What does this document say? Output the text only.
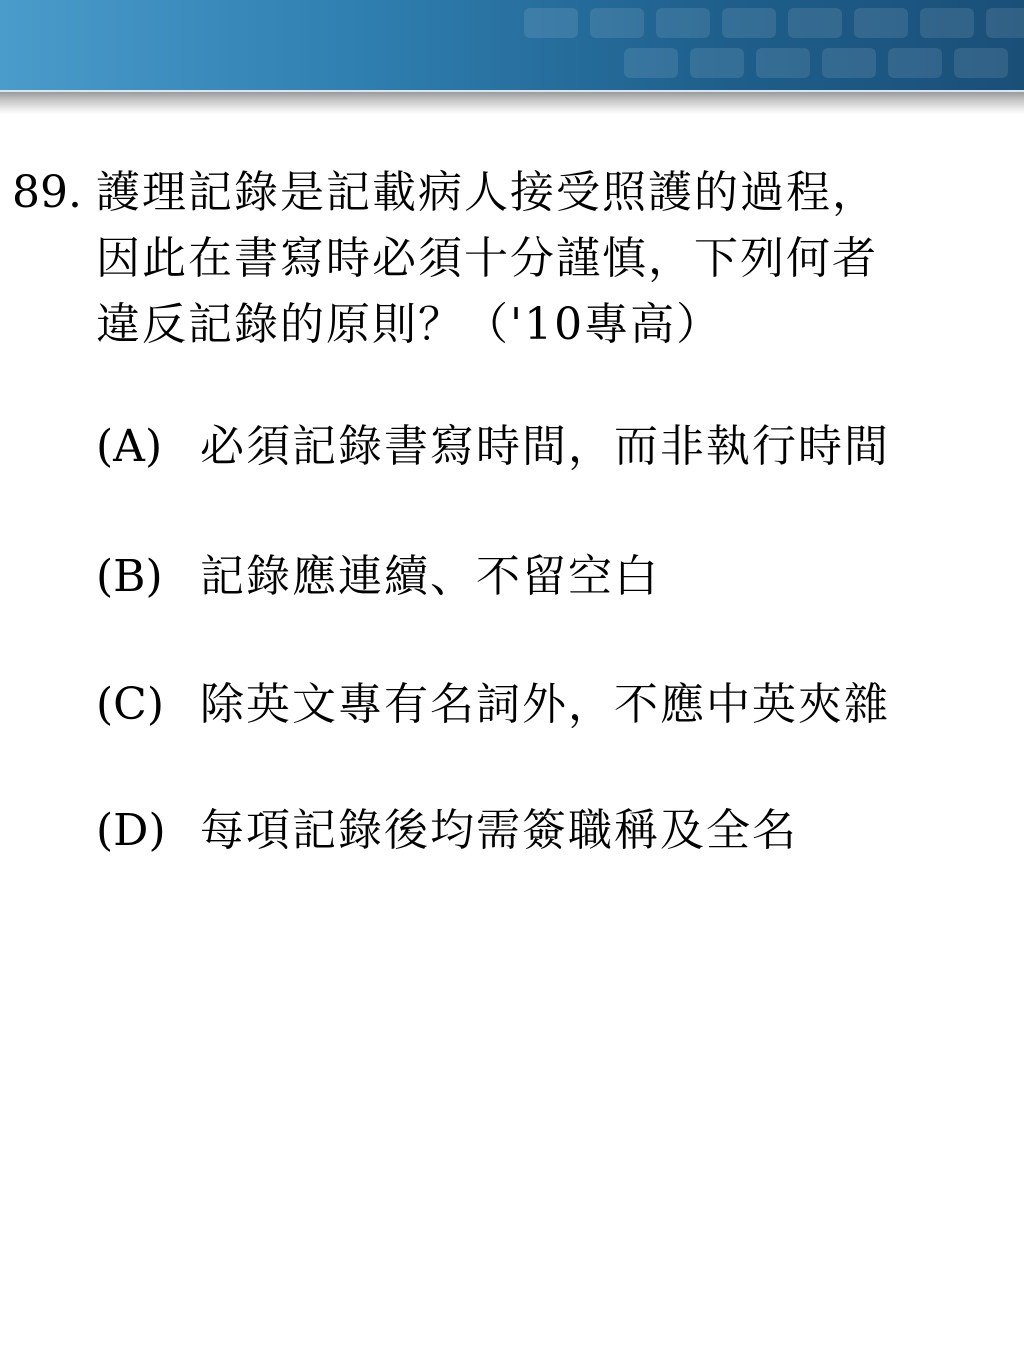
89. 護理記錄是記載病人接受照護的過程，
因此在書寫時必須十分謹慎，下列何者
違反記錄的原則？（'10專高）
(A) 必須記錄書寫時間，而非執行時間
(B) 記錄應連續、不留空白
(C) 除英文專有名詞外，不應中英夾雜
(D) 每項記錄後均需簽職稱及全名
